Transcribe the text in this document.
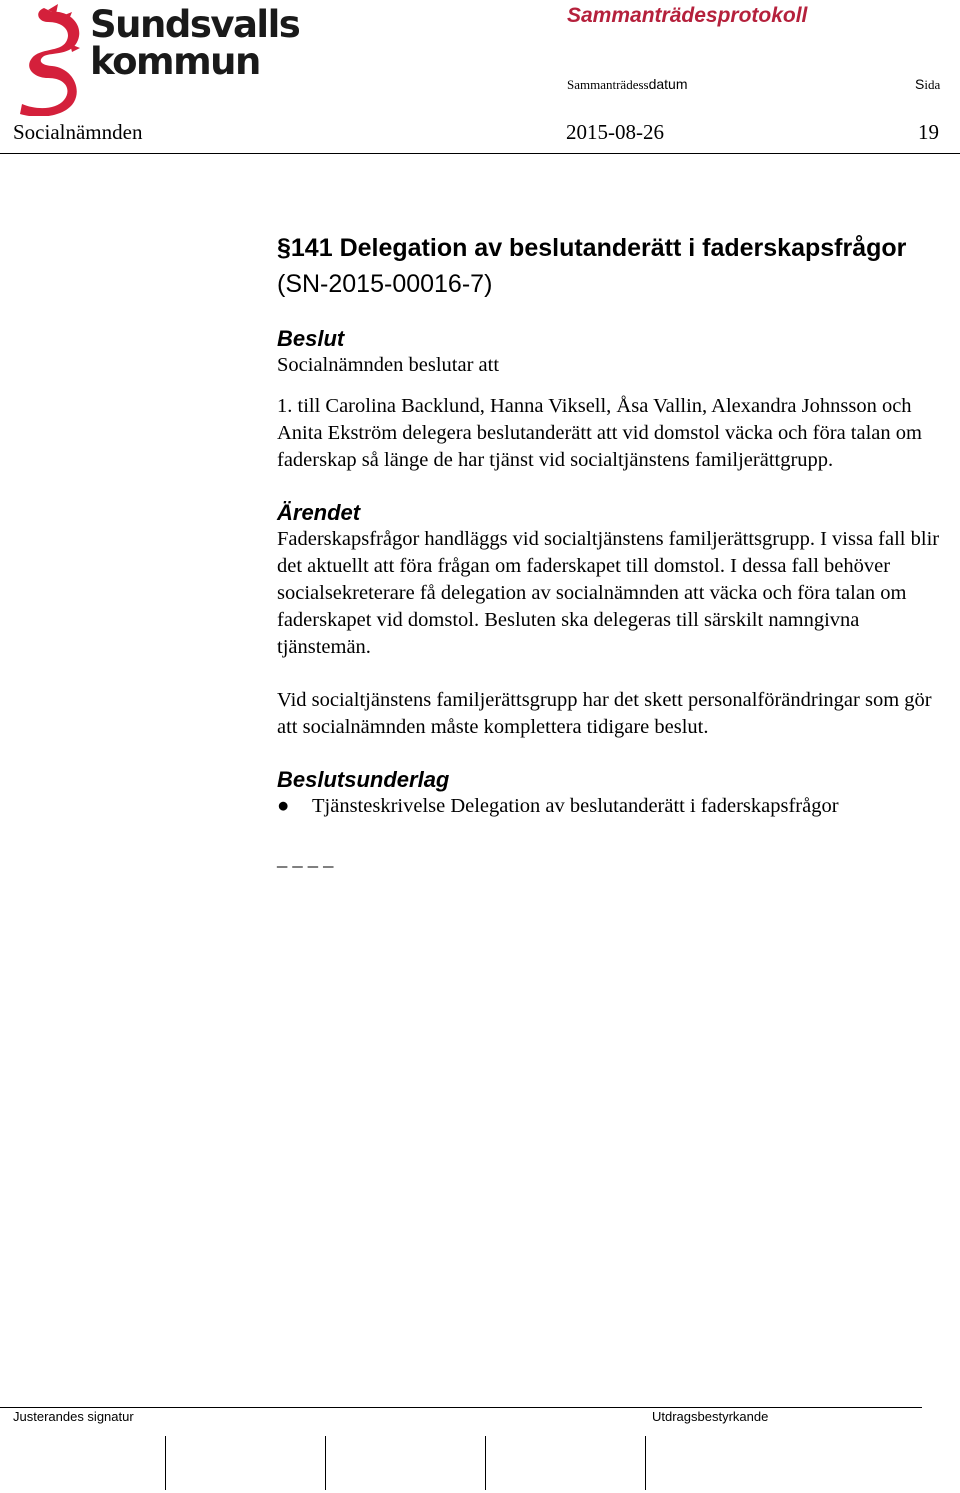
Sundsvalls
kommun
Sammanträdesprotokoll
Sammanträdessdatum	Sida
Socialnämnden	2015-08-26	19
§141 Delegation av beslutanderätt i faderskapsfrågor
(SN-2015-00016-7)
Beslut

Socialnämnden beslutar att

1. till Carolina Backlund, Hanna Viksell, Åsa Vallin, Alexandra Johnsson och Anita Ekström delegera beslutanderätt att vid domstol väcka och föra talan om faderskap så länge de har tjänst vid socialtjänstens familjerättgrupp.

Ärendet

Faderskapsfrågor handläggs vid socialtjänstens familjerättsgrupp. I vissa fall blir det aktuellt att föra frågan om faderskapet till domstol. I dessa fall behöver socialsekreterare få delegation av socialnämnden att väcka och föra talan om faderskapet vid domstol. Besluten ska delegeras till särskilt namngivna tjänstemän.

Vid socialtjänstens familjerättsgrupp har det skett personalförändringar som gör att socialnämnden måste komplettera tidigare beslut.

Beslutsunderlag
●	Tjänsteskrivelse Delegation av beslutanderätt i faderskapsfrågor
_ _ _ _
Justerandes signatur	Utdragsbestyrkande
